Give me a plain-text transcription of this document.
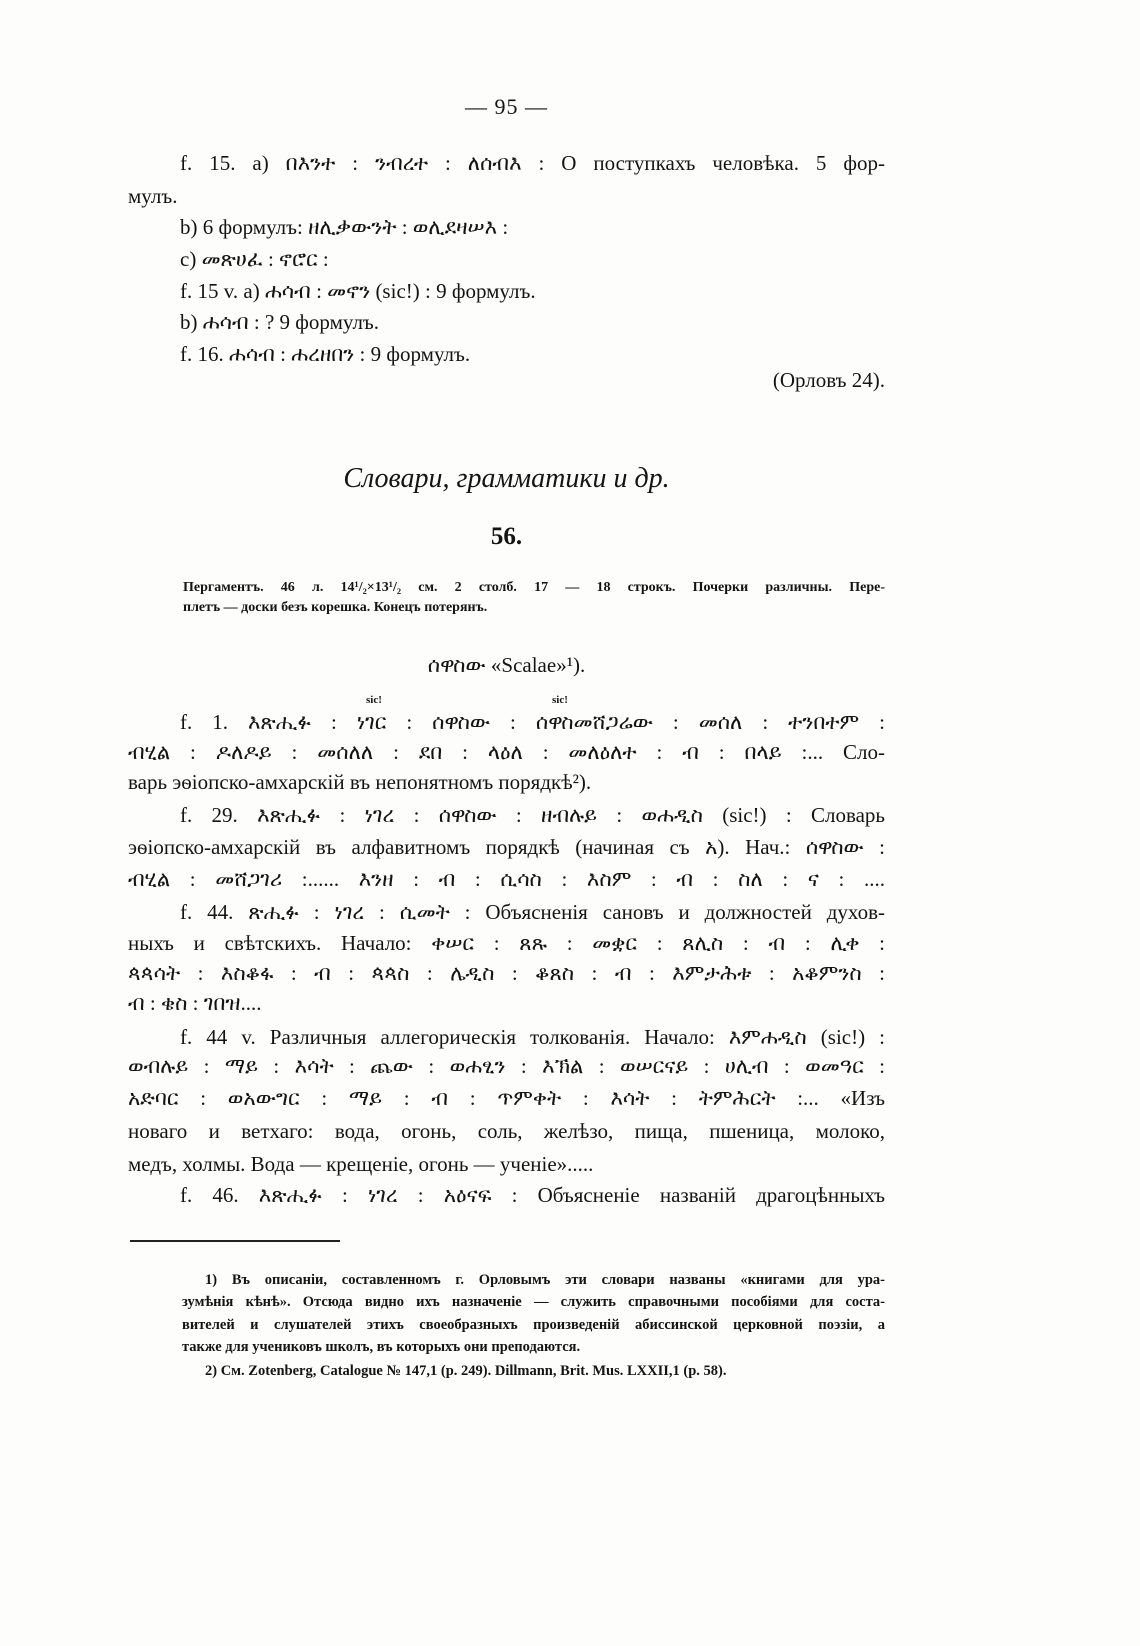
— 95 —
f. 15. a) በእንተ : ንብረተ : ለሰብእ : О поступкахъ человѣка. 5 фор-
мулъ.
b) 6 формулъ: ዘሊቃውንት : ወሊደዛሠእ :
c) መጽሀፈ : ኖሮር :
f. 15 v. a) ሐሳብ : መኖን (sic!) : 9 формулъ.
b) ሐሳብ : ? 9 формулъ.
f. 16. ሐሳብ : ሐረዘበን : 9 формулъ.
(Орловъ 24).
Словари, грамматики и др.
56.
Пергаментъ. 46 л. 14¹/₂×13¹/₂ см. 2 столб. 17 — 18 строкъ. Почерки различны. Пере-
плетъ — доски безъ корешка. Конецъ потерянъ.
ሰዋስው «Scalae»¹).
sic!	sic!
f. 1. እጽሒፉ : ነገር : ሰዋስው : ሰዋስመሸጋሬው : መሰለ : ተንበተም :
ብሂል : ዶለዶይ : መሰለለ : ደበ : ላዕለ : መለዕለተ : ብ : በላይ :... Сло-
варь эѳіопско-амхарскій въ непонятномъ порядкѣ²).
f. 29. እጽሒፉ : ነገረ : ሰዋስው : ዘብሉይ : ወሐዲስ (sic!) : Словарь
эѳіопско-амхарскій въ алфавитномъ порядкѣ (начиная съ አ). Нач.: ሰዋስው :
ብሂል : መሸጋገሪ :...... እንዘ : ብ : ሲሳስ : እስም : ብ : ስለ : ና : ....
f. 44. ጽሒፉ : ነገረ : ሲመት : Объясненія сановъ и должностей духов-
ныхъ и свѣтскихъ. Начало: ቀሠር : ጸጹ : መቋር : ጸሊስ : ብ : ሊቀ :
ጳጳሳት : እስቆፋ : ብ : ጳጳስ : ሌዲስ : ቆጸስ : ብ : እምታሕቱ : አቆምንስ :
ብ : ቄስ : ገበዝ....
f. 44 v. Различныя аллегорическія толкованія. Начало: እምሐዲስ (sic!) :
ወብሉይ : ማይ : እሳት : ጨው : ወሐፂን : እኽል : ወሠርናይ : ሀሊብ : ወመዓር :
አድባር : ወአውግር : ማይ : ብ : ጥምቀት : እሳት : ትምሕርት :... «Изъ
новаго и ветхаго: вода, огонь, соль, желѣзо, пища, пшеница, молоко,
медъ, холмы. Вода — крещеніе, огонь — ученіе».....
f. 46. እጽሒፉ : ነገረ : አዕናፍ : Объясненіе названій драгоцѣнныхъ
1) Въ описаніи, составленномъ г. Орловымъ эти словари названы «книгами для ура-
зумѣнія кѣнѣ». Отсюда видно ихъ назначеніе — служить справочными пособіями для соста-
вителей и слушателей этихъ своеобразныхъ произведеній абиссинской церковной поэзіи, а
также для учениковъ школъ, въ которыхъ они преподаются.
2) См. Zotenberg, Catalogue № 147,1 (p. 249). Dillmann, Brit. Mus. LXXII,1 (p. 58).
